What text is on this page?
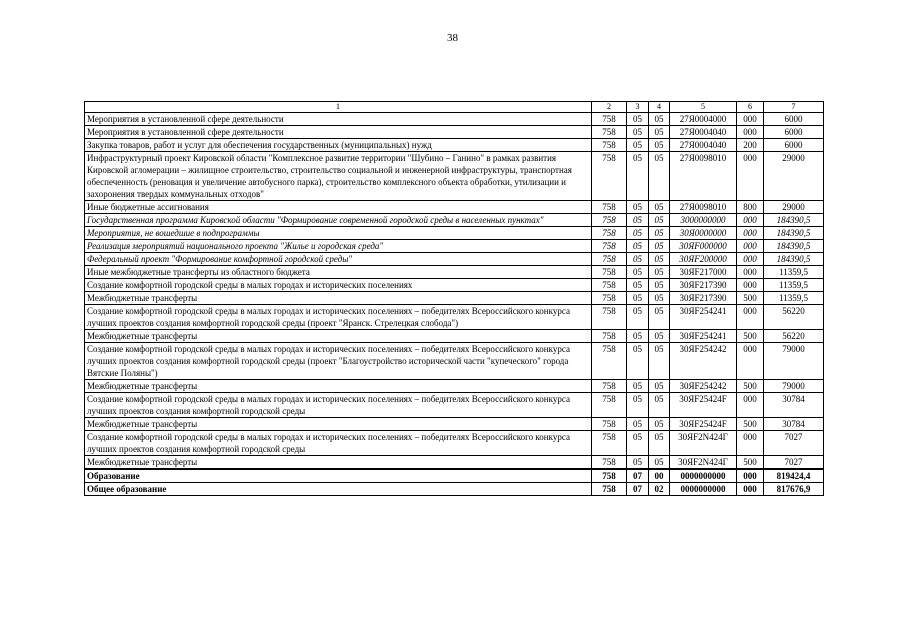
38
1	2	3	4	5	6	7
Мероприятия в установленной сфере деятельности	758	05	05	27Я0004000	000	6000
Мероприятия в установленной сфере деятельности	758	05	05	27Я0004040	000	6000
Закупка товаров, работ и услуг для обеспечения государственных (муниципальных) нужд	758	05	05	27Я0004040	200	6000
Инфраструктурный проект Кировской области "Комплексное развитие территории "Шубино – Ганино" в рамках развития Кировской агломерации – жилищное строительство, строительство социальной и инженерной инфраструктуры, транспортная обеспеченность (реновация и увеличение автобусного парка), строительство комплексного объекта обработки, утилизации и захоронения твердых коммунальных отходов"	758	05	05	27Я0098010	000	29000
Иные бюджетные ассигнования	758	05	05	27Я0098010	800	29000
Государственная программа Кировской области "Формирование современной городской среды в населенных пунктах"	758	05	05	3000000000	000	184390,5
Мероприятия, не вошедшие в подпрограммы	758	05	05	30Я0000000	000	184390,5
Реализация мероприятий национального проекта "Жилье и городская среда"	758	05	05	30ЯF000000	000	184390,5
Федеральный проект "Формирование комфортной городской среды"	758	05	05	30ЯF200000	000	184390,5
Иные межбюджетные трансферты из областного бюджета	758	05	05	30ЯF217000	000	11359,5
Создание комфортной городской среды в малых городах и исторических поселениях	758	05	05	30ЯF217390	000	11359,5
Межбюджетные трансферты	758	05	05	30ЯF217390	500	11359,5
Создание комфортной городской среды в малых городах и исторических поселениях – победителях Всероссийского конкурса лучших проектов создания комфортной городской среды (проект "Яранск. Стрелецкая слобода")	758	05	05	30ЯF254241	000	56220
Межбюджетные трансферты	758	05	05	30ЯF254241	500	56220
Создание комфортной городской среды в малых городах и исторических поселениях – победителях Всероссийского конкурса лучших проектов создания комфортной городской среды (проект "Благоустройство исторической части "купеческого" города Вятские Поляны")	758	05	05	30ЯF254242	000	79000
Межбюджетные трансферты	758	05	05	30ЯF254242	500	79000
Создание комфортной городской среды в малых городах и исторических поселениях – победителях Всероссийского конкурса лучших проектов создания комфортной городской среды	758	05	05	30ЯF25424F	000	30784
Межбюджетные трансферты	758	05	05	30ЯF25424F	500	30784
Создание комфортной городской среды в малых городах и исторических поселениях – победителях Всероссийского конкурса лучших проектов создания комфортной городской среды	758	05	05	30ЯF2N424Г	000	7027
Межбюджетные трансферты	758	05	05	30ЯF2N424Г	500	7027
Образование	758	07	00	0000000000	000	819424,4
Общее образование	758	07	02	0000000000	000	817676,9
